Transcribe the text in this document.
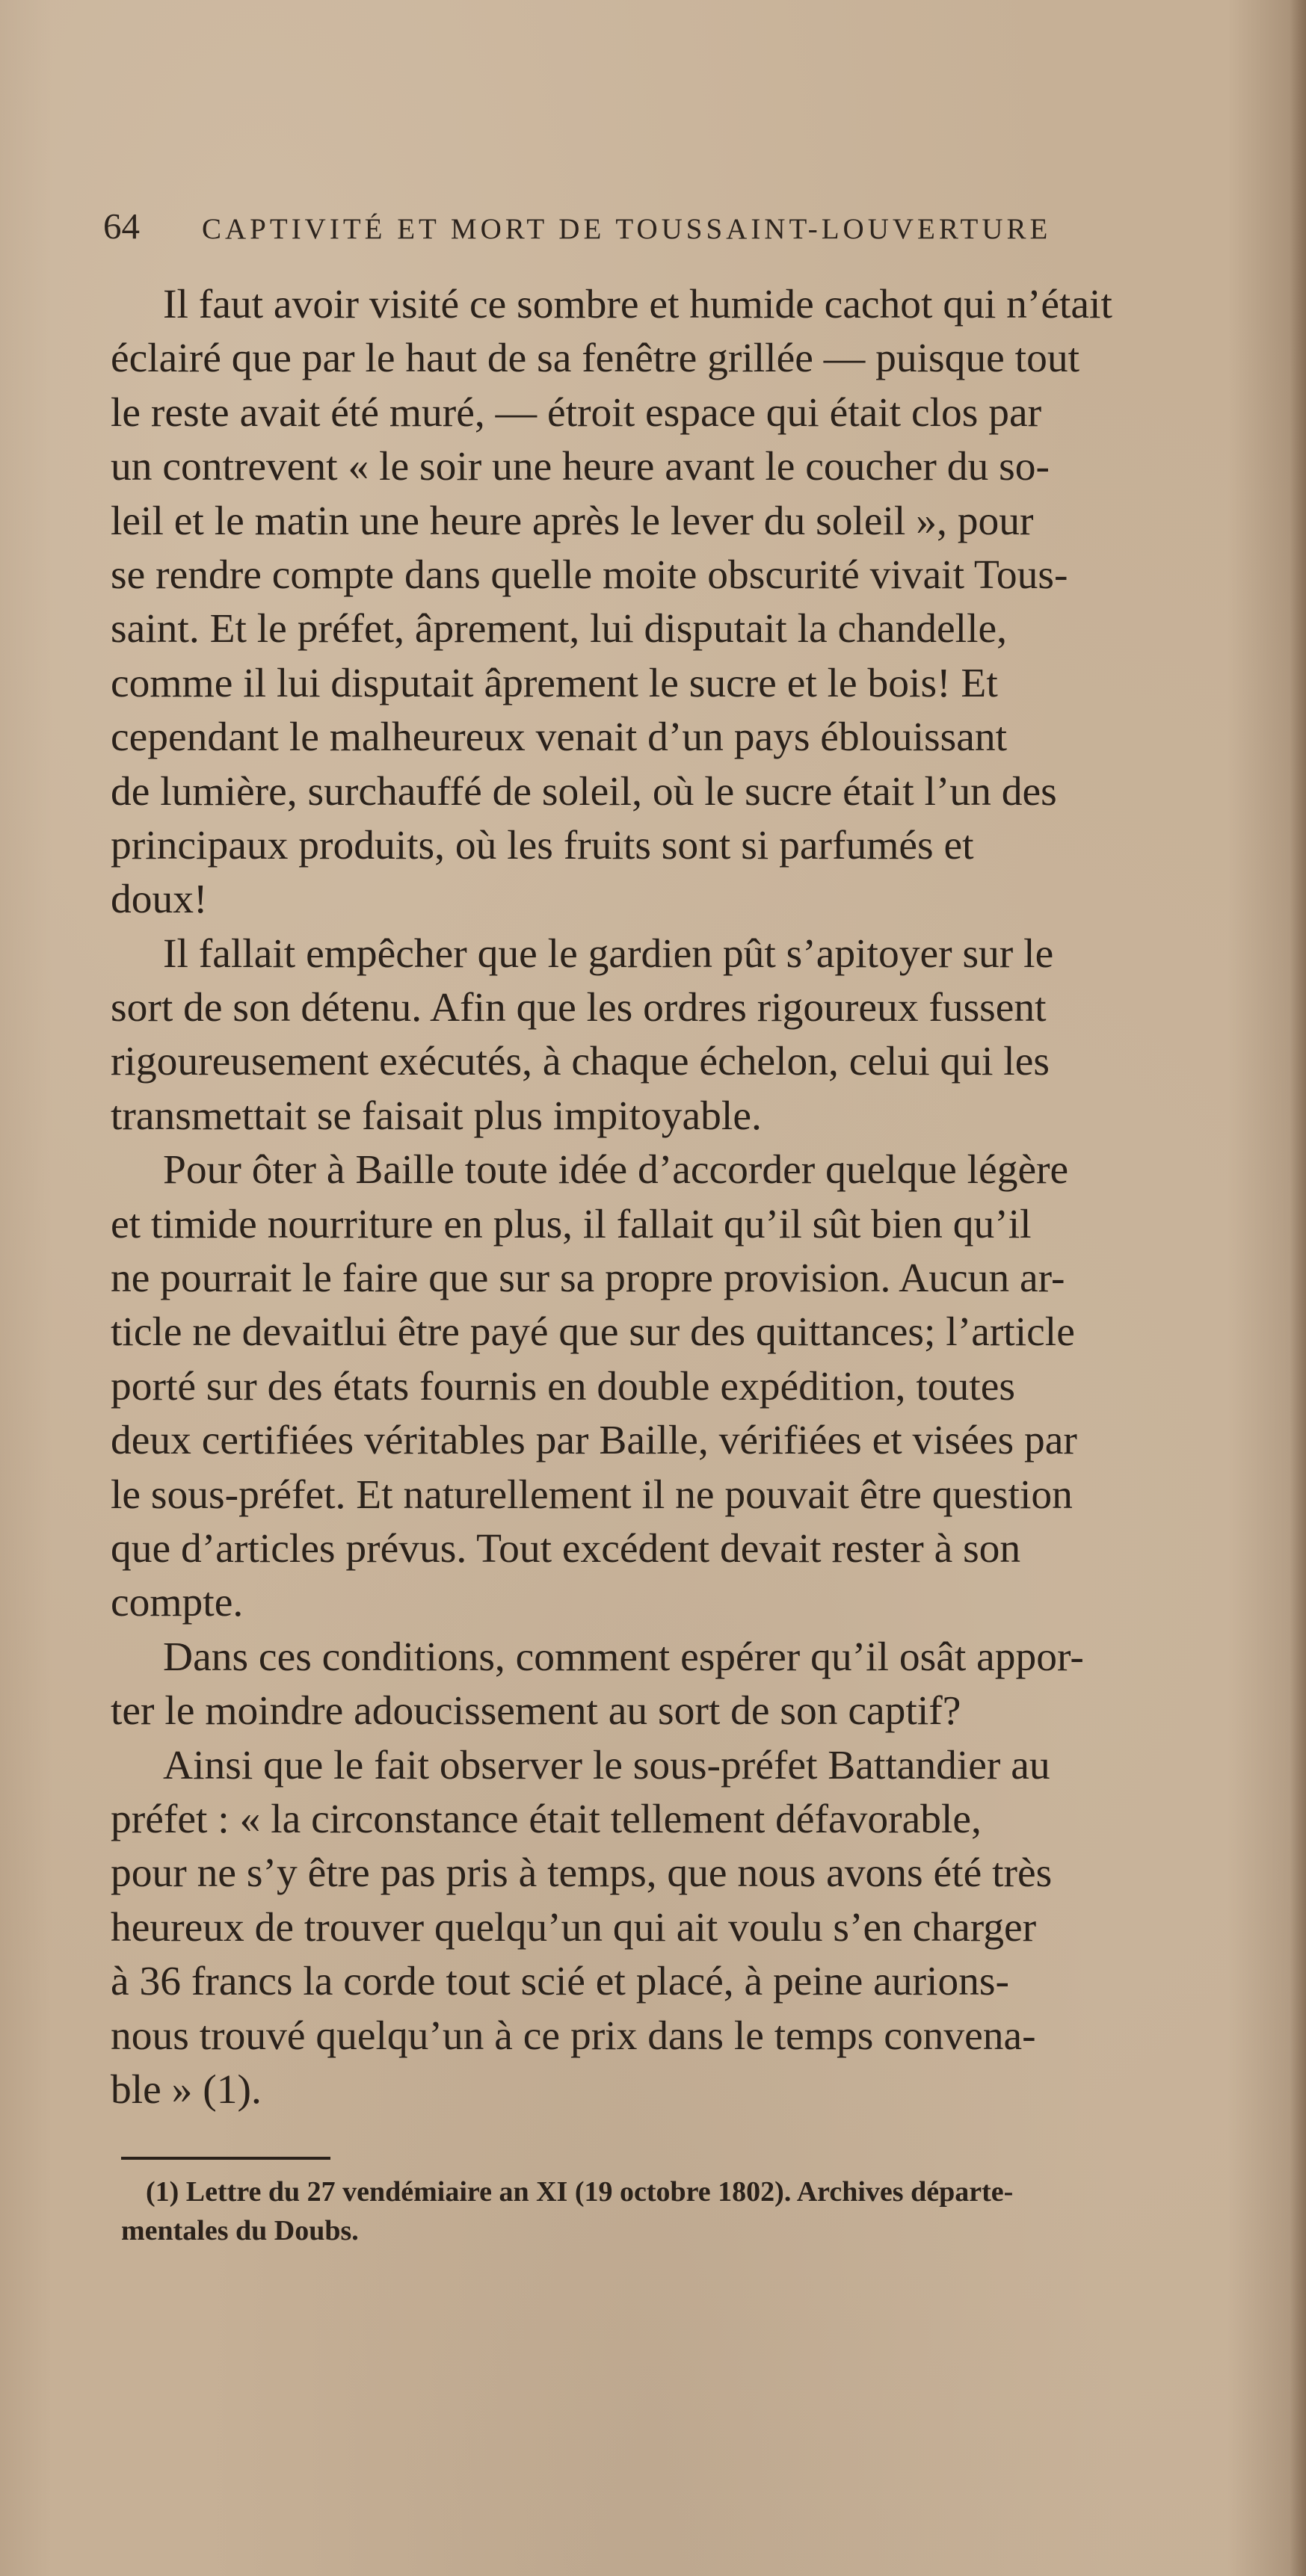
64 CAPTIVITÉ ET MORT DE TOUSSAINT-LOUVERTURE
Il faut avoir visité ce sombre et humide cachot qui n’était
éclairé que par le haut de sa fenêtre grillée — puisque tout
le reste avait été muré, — étroit espace qui était clos par
un contrevent « le soir une heure avant le coucher du so-
leil et le matin une heure après le lever du soleil », pour
se rendre compte dans quelle moite obscurité vivait Tous-
saint. Et le préfet, âprement, lui disputait la chandelle,
comme il lui disputait âprement le sucre et le bois! Et
cependant le malheureux venait d’un pays éblouissant
de lumière, surchauffé de soleil, où le sucre était l’un des
principaux produits, où les fruits sont si parfumés et
doux!
Il fallait empêcher que le gardien pût s’apitoyer sur le
sort de son détenu. Afin que les ordres rigoureux fussent
rigoureusement exécutés, à chaque échelon, celui qui les
transmettait se faisait plus impitoyable.
Pour ôter à Baille toute idée d’accorder quelque légère
et timide nourriture en plus, il fallait qu’il sût bien qu’il
ne pourrait le faire que sur sa propre provision. Aucun ar-
ticle ne devaitlui être payé que sur des quittances; l’article
porté sur des états fournis en double expédition, toutes
deux certifiées véritables par Baille, vérifiées et visées par
le sous-préfet. Et naturellement il ne pouvait être question
que d’articles prévus. Tout excédent devait rester à son
compte.
Dans ces conditions, comment espérer qu’il osât appor-
ter le moindre adoucissement au sort de son captif?
Ainsi que le fait observer le sous-préfet Battandier au
préfet : « la circonstance était tellement défavorable,
pour ne s’y être pas pris à temps, que nous avons été très
heureux de trouver quelqu’un qui ait voulu s’en charger
à 36 francs la corde tout scié et placé, à peine aurions-
nous trouvé quelqu’un à ce prix dans le temps convena-
ble » (1).
(1) Lettre du 27 vendémiaire an XI (19 octobre 1802). Archives départe-
mentales du Doubs.
